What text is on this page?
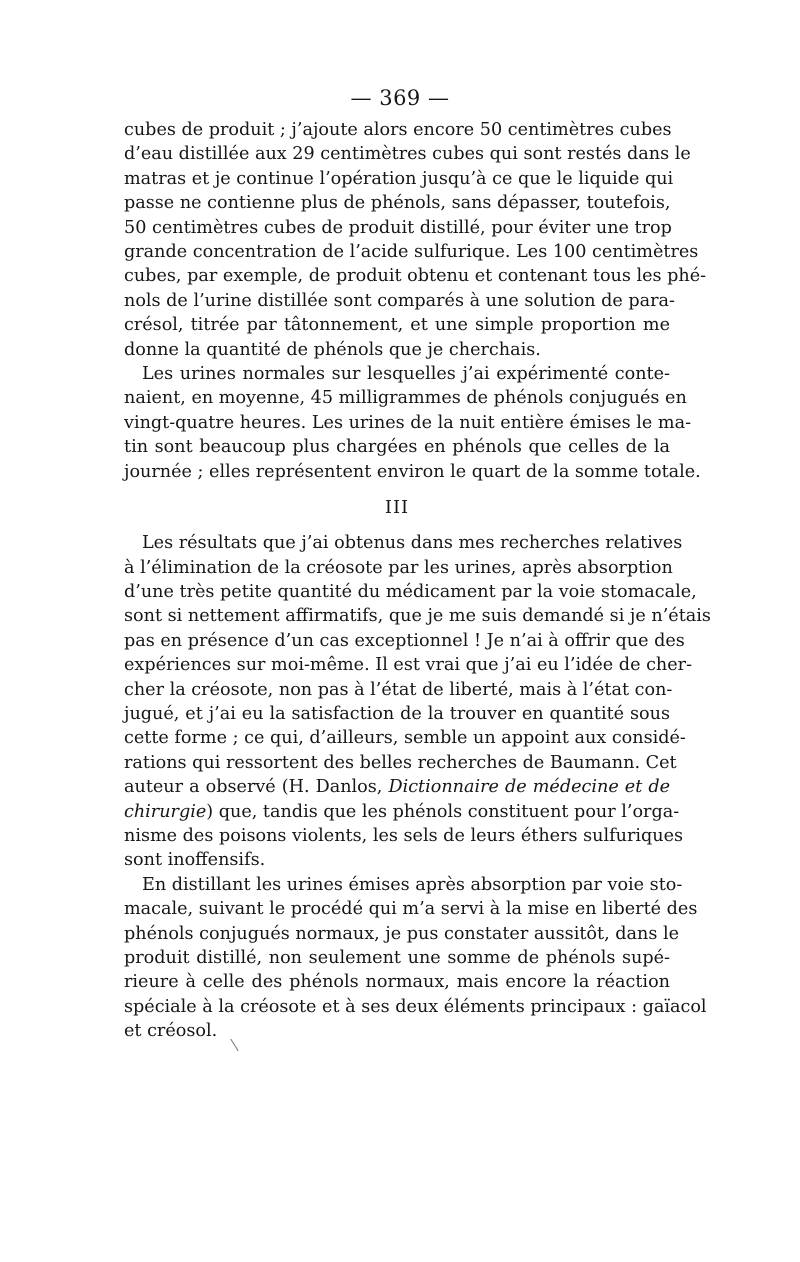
— 369 —
cubes de produit ; j’ajoute alors encore 50 centimètres cubes
d’eau distillée aux 29 centimètres cubes qui sont restés dans le
matras et je continue l’opération jusqu’à ce que le liquide qui
passe ne contienne plus de phénols, sans dépasser, toutefois,
50 centimètres cubes de produit distillé, pour éviter une trop
grande concentration de l’acide sulfurique. Les 100 centimètres
cubes, par exemple, de produit obtenu et contenant tous les phé-
nols de l’urine distillée sont comparés à une solution de para-
crésol, titrée par tâtonnement, et une simple proportion me
donne la quantité de phénols que je cherchais.
Les urines normales sur lesquelles j’ai expérimenté conte-
naient, en moyenne, 45 milligrammes de phénols conjugués en
vingt-quatre heures. Les urines de la nuit entière émises le ma-
tin sont beaucoup plus chargées en phénols que celles de la
journée ; elles représentent environ le quart de la somme totale.
III
Les résultats que j’ai obtenus dans mes recherches relatives
à l’élimination de la créosote par les urines, après absorption
d’une très petite quantité du médicament par la voie stomacale,
sont si nettement affirmatifs, que je me suis demandé si je n’étais
pas en présence d’un cas exceptionnel ! Je n’ai à offrir que des
expériences sur moi-même. Il est vrai que j’ai eu l’idée de cher-
cher la créosote, non pas à l’état de liberté, mais à l’état con-
jugué, et j’ai eu la satisfaction de la trouver en quantité sous
cette forme ; ce qui, d’ailleurs, semble un appoint aux considé-
rations qui ressortent des belles recherches de Baumann. Cet
auteur a observé (H. Danlos, Dictionnaire de médecine et de
chirurgie) que, tandis que les phénols constituent pour l’orga-
nisme des poisons violents, les sels de leurs éthers sulfuriques
sont inoffensifs.
En distillant les urines émises après absorption par voie sto-
macale, suivant le procédé qui m’a servi à la mise en liberté des
phénols conjugués normaux, je pus constater aussitôt, dans le
produit distillé, non seulement une somme de phénols supé-
rieure à celle des phénols normaux, mais encore la réaction
spéciale à la créosote et à ses deux éléments principaux : gaïacol
et créosol.
